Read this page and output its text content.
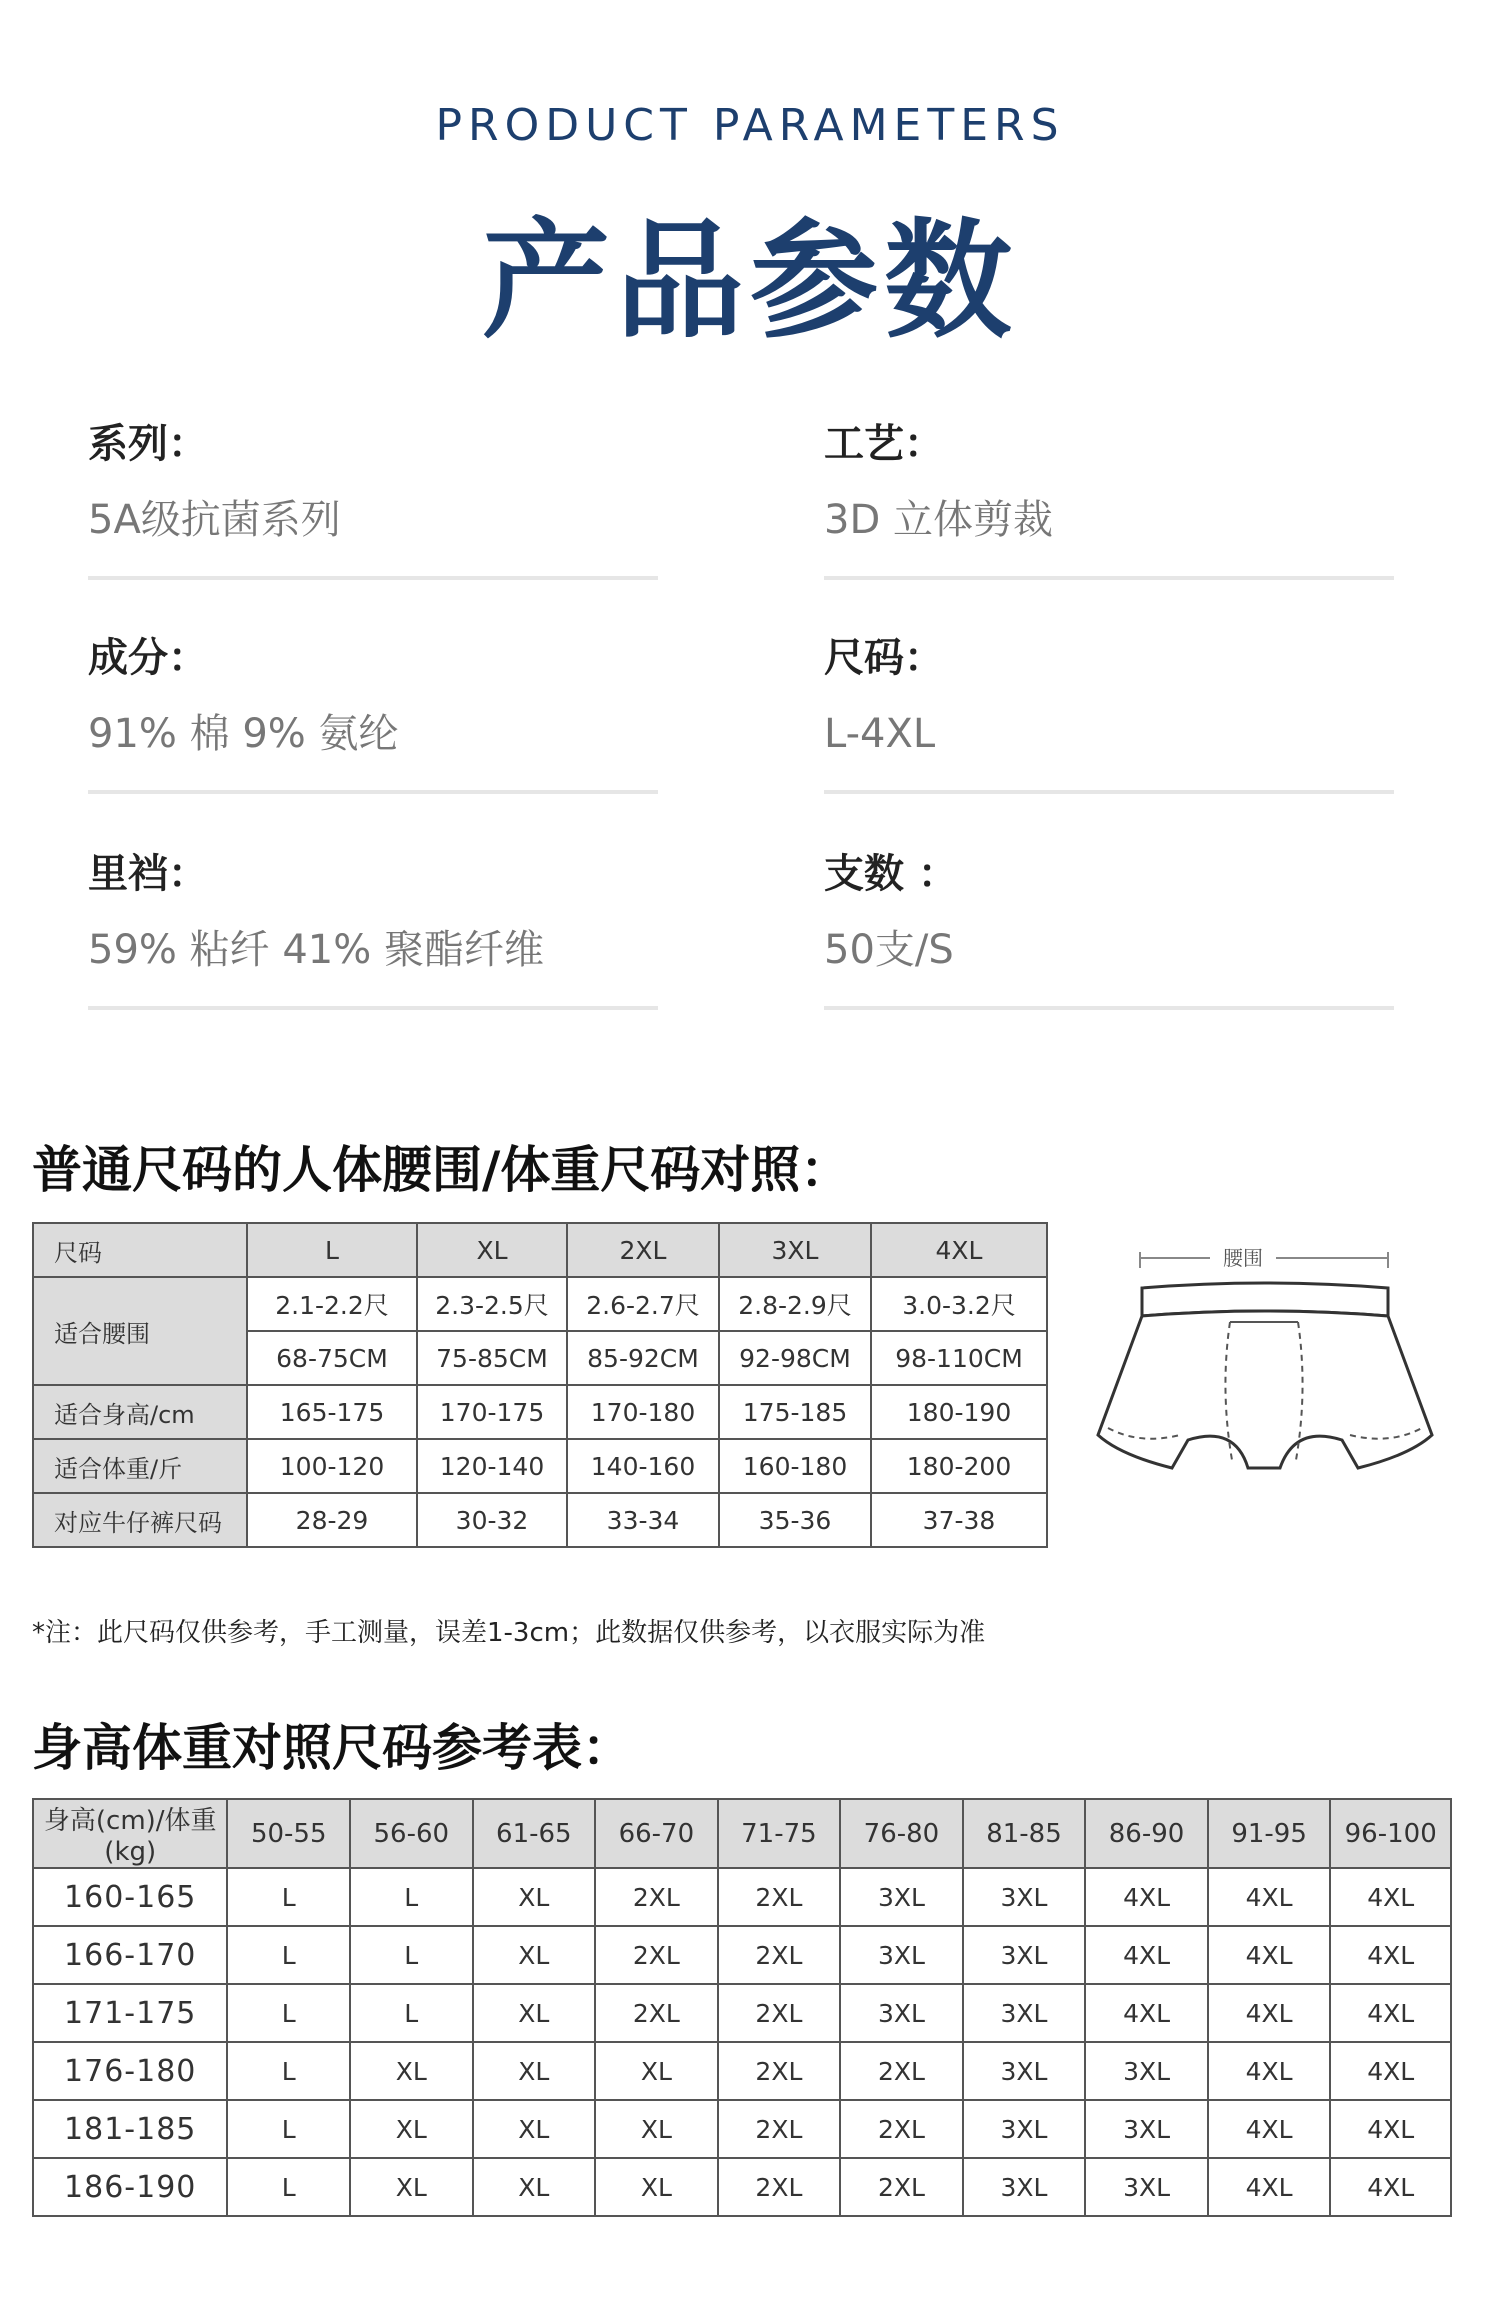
PRODUCT PARAMETERS
产品参数
系列：
5A级抗菌系列
工艺：
3D 立体剪裁
成分：
91% 棉 9% 氨纶
尺码：
L-4XL
里裆：
59% 粘纤 41% 聚酯纤维
支数 ：
50支/S
普通尺码的人体腰围/体重尺码对照：
尺码	L	XL	2XL	3XL	4XL
适合腰围	2.1-2.2尺	2.3-2.5尺	2.6-2.7尺	2.8-2.9尺	3.0-3.2尺
	68-75CM	75-85CM	85-92CM	92-98CM	98-110CM
适合身高/cm	165-175	170-175	170-180	175-185	180-190
适合体重/斤	100-120	120-140	140-160	160-180	180-200
对应牛仔裤尺码	28-29	30-32	33-34	35-36	37-38
腰围
*注：此尺码仅供参考，手工测量，误差1-3cm；此数据仅供参考，以衣服实际为准
身高体重对照尺码参考表：
身高(cm)/体重(kg)	50-55	56-60	61-65	66-70	71-75	76-80	81-85	86-90	91-95	96-100
160-165	L	L	XL	2XL	2XL	3XL	3XL	4XL	4XL	4XL
166-170	L	L	XL	2XL	2XL	3XL	3XL	4XL	4XL	4XL
171-175	L	L	XL	2XL	2XL	3XL	3XL	4XL	4XL	4XL
176-180	L	XL	XL	XL	2XL	2XL	3XL	3XL	4XL	4XL
181-185	L	XL	XL	XL	2XL	2XL	3XL	3XL	4XL	4XL
186-190	L	XL	XL	XL	2XL	2XL	3XL	3XL	4XL	4XL
